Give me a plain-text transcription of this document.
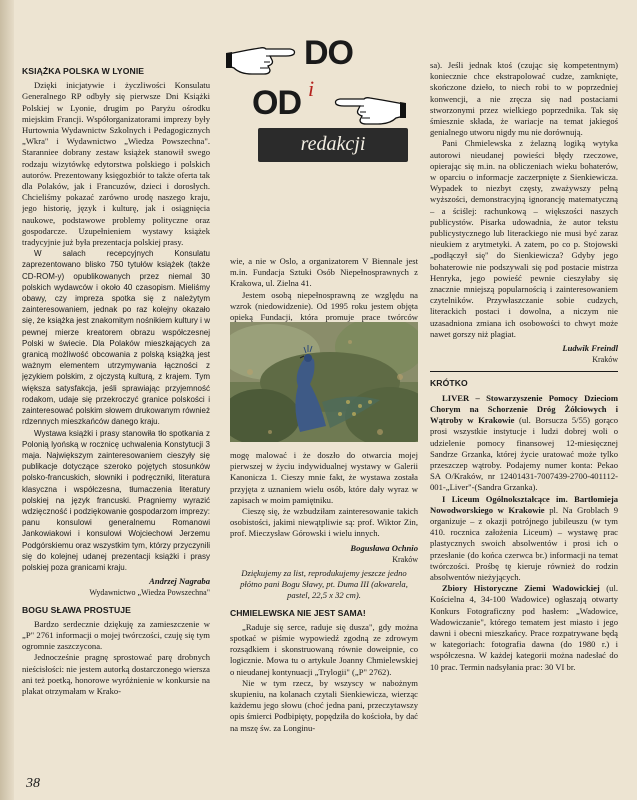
DO
i
OD
redakcji
KSIĄŻKA POLSKA W LYONIE

Dzięki inicjatywie i życzliwości Konsulatu Generalnego RP odbyły się pierwsze Dni Książki Polskiej w Lyonie, drugim po Paryżu ośrodku miejskim Francji. Współorganizatorami imprezy były Hurtownia Wydawnictw Szkolnych i Pedagogicznych „Wkra" i Wydawnictwo „Wiedza Powszechna". Staranniee dobrany zestaw książek stanowił swego rodzaju wizytówkę edytorstwa polskiego i polskich autorów. Prezentowany księgozbiór to także oferta tak dla Polaków, jak i Francuzów, dzieci i dorosłych. Chcieliśmy pokazać zarówno urodę naszego kraju, jego historię, język i kulturę, jak i osiągnięcia naukowe, podstawowe problemy polityczne oraz gospodarcze. Uzupełnieniem wystawy książek tradycyjnie już była prezentacja polskiej prasy.

W salach recepcyjnych Konsulatu zaprezentowano blisko 750 tytułów książek (także CD-ROM-y) opublikowanych przez niemal 30 polskich wydawców i około 40 czasopism. Mieliśmy obawy, czy impreza spotka się z należytym zainteresowaniem, jednak po raz kolejny okazało się, że książka jest znakomitym nośnikiem kultury i w pewnej mierze kreatorem obrazu współczesnej Polski w świecie. Dla Polaków mieszkających za granicą możliwość obcowania z polską książką jest ważnym elementem utrzymywania łączności z językiem polskim, z ojczystą kulturą, z krajem. Tym większa satysfakcja, jeśli sprawiając przyjemność rodakom, udaje się przekroczyć granice polskości i zainteresować polskim słowem drukowanym również rdzennych mieszkańców danego kraju.

Wystawa książki i prasy stanowiła tło spotkania z Polonią lyońską w rocznicę uchwalenia Konstytucji 3 maja. Największym zainteresowaniem cieszyły się publikacje dotyczące szeroko pojętych stosunków polsko-francuskich, słowniki i podręczniki, literatura klasyczna i współczesna, tłumaczenia literatury polskiej na język francuski. Pragniemy wyrazić wdzięczność i podziękowanie gospodarzom imprezy: panu konsulowi generalnemu Romanowi Jankowiakowi i konsulowi Wojciechowi Jerzemu Podgórskiemu oraz wszystkim tym, którzy przyczynili się do kolejnej udanej prezentacji książki i prasy polskiej poza granicami kraju.

Andrzej Nagraba

Wydawnictwo „Wiedza Powszechna"

BOGU SŁAWA PROSTUJE

Bardzo serdecznie dziękuję za zamieszczenie w „P" 2761 informacji o mojej twórczości, czuję się tym ogromnie zaszczycona.

Jednocześnie pragnę sprostować parę drobnych nieścisłości: nie jestem autorką dostarczonego wiersza ani też poetką, honorowe wyróżnienie w konkursie na plakat otrzymałam w Krako-

wie, a nie w Oslo, a organizatorem V Biennale jest m.in. Fundacja Sztuki Osób Niepełnosprawnych z Krakowa, ul. Zielna 41.

Jestem osobą niepełnosprawną ze względu na wzrok (niedowidzenie). Od 1995 roku jestem objęta opieką Fundacji, która promuje prace twórców

mogę malować i że doszło do otwarcia mojej pierwszej w życiu indywidualnej wystawy w Galerii Kanonicza 1. Cieszy mnie fakt, że wystawa została przyjęta z uznaniem wielu osób, które dały wyraz w zapisach w moim pamiętniku.

Cieszę się, że wzbudziłam zainteresowanie takich osobistości, jakimi niewątpliwie są: prof. Wiktor Zin, prof. Mieczysław Górowski i wielu innych.

Bogusława Ochnio

Kraków

Dziękujemy za list, reprodukujemy jeszcze jedno płótno pani Bogu Sławy, pt. Duma III (akwarela, pastel, 22,5 x 32 cm).

CHMIELEWSKA NIE JEST SAMA!

„Raduje się serce, raduje się dusza", gdy można spotkać w piśmie wypowiedź zgodną ze zdrowym rozsądkiem i skonstruowaną równie doweipnie, co logicznie. Mowa tu o artykule Joanny Chmielewskiej o nieudanej kontynuacji „Trylogii" („P" 2762).

Nie w tym rzecz, by wszyscy w nabożnym skupieniu, na kolanach czytali Sienkiewicza, wierząc każdemu jego słowu (choć jedna pani, przeczytawszy opis śmierci Podbipięty, popędziła do kościoła, by dać na mszę św. za Longinu-

sa). Jeśli jednak ktoś (czując się kompetentnym) koniecznie chce ekstrapolować cudze, zamknięte, skończone dzieło, to niech robi to w poprzedniej konwencji, a nie zręcza się nad postaciami stworzonymi przez wielkiego poprzednika. Tak się śmiesznie składa, że wariacje na temat jakiegoś genialnego utworu nigdy mu nie dorównują.

Pani Chmielewska z żelazną logiką wytyka autorowi nieudanej powieści błędy rzeczowe, opierając się m.in. na obliczeniach wieku bohaterów, w oparciu o informacje zaczerpnięte z Sienkiewicza. Wypadek to niezbyt częsty, zważywszy pełną wyższości, demonstracyjną ignorancję matematyczną – a ściślej: rachunkową – większości naszych publicystów. Pisarka udowadnia, że autor tekstu publicystycznego lub literackiego nie musi być zaraz nieukiem z arytmetyki. A zatem, po co p. Stojowski „podłączył się" do Sienkiewicza? Gdyby jego bohaterowie nie podszywali się pod postacie mistrza Henryka, jego powieść pewnie cieszyłaby się znacznie mniejszą popularnością i zainteresowaniem czytelników. Przywłaszczanie sobie cudzych, literackich postaci i dowolna, a niczym nie uzasadniona zmiana ich osobowości to chwyt może nawet gorszy niż plagiat.

Ludwik Freindl

Kraków

KRÓTKO

LIVER – Stowarzyszenie Pomocy Dzieciom Chorym na Schorzenie Dróg Żółciowych i Wątroby w Krakowie (ul. Borsucza 5/55) gorąco prosi wszystkie instytucje i ludzi dobrej woli o udzielenie pomocy finansowej 12-miesięcznej Sandrze Grzanka, której życie uratować może tylko przeszczep wątroby. Podajemy numer konta: Pekao SA O/Kraków, nr 12401431-7007439-2700-401112-001-„Liver"-(Sandra Grzanka).

I Liceum Ogólnokształcące im. Bartłomieja Nowodworskiego w Krakowie pl. Na Groblach 9 organizuje – z okazji potrójnego jubileuszu (w tym 410. rocznica założenia Liceum) – wystawę prac plastycznych swoich absolwentów i prosi ich o przesłanie (do końca czerwca br.) informacji na temat twórczości. Prośbę tę kieruje również do rodzin absolwentów nieżyjących.

Zbiory Historyczne Ziemi Wadowickiej (ul. Kościelna 4, 34-100 Wadowice) ogłaszają otwarty Konkurs Fotograficzny pod hasłem: „Wadowice, Wadowiczanie", którego tematem jest miasto i jego dawni i obecni mieszkańcy. Prace rozpatrywane będą w kategoriach: fotografia dawna (do 1980 r.) i współczesna. W każdej kategorii można nadesłać do 10 prac. Termin nadsyłania prac: 30 VI br.

38
